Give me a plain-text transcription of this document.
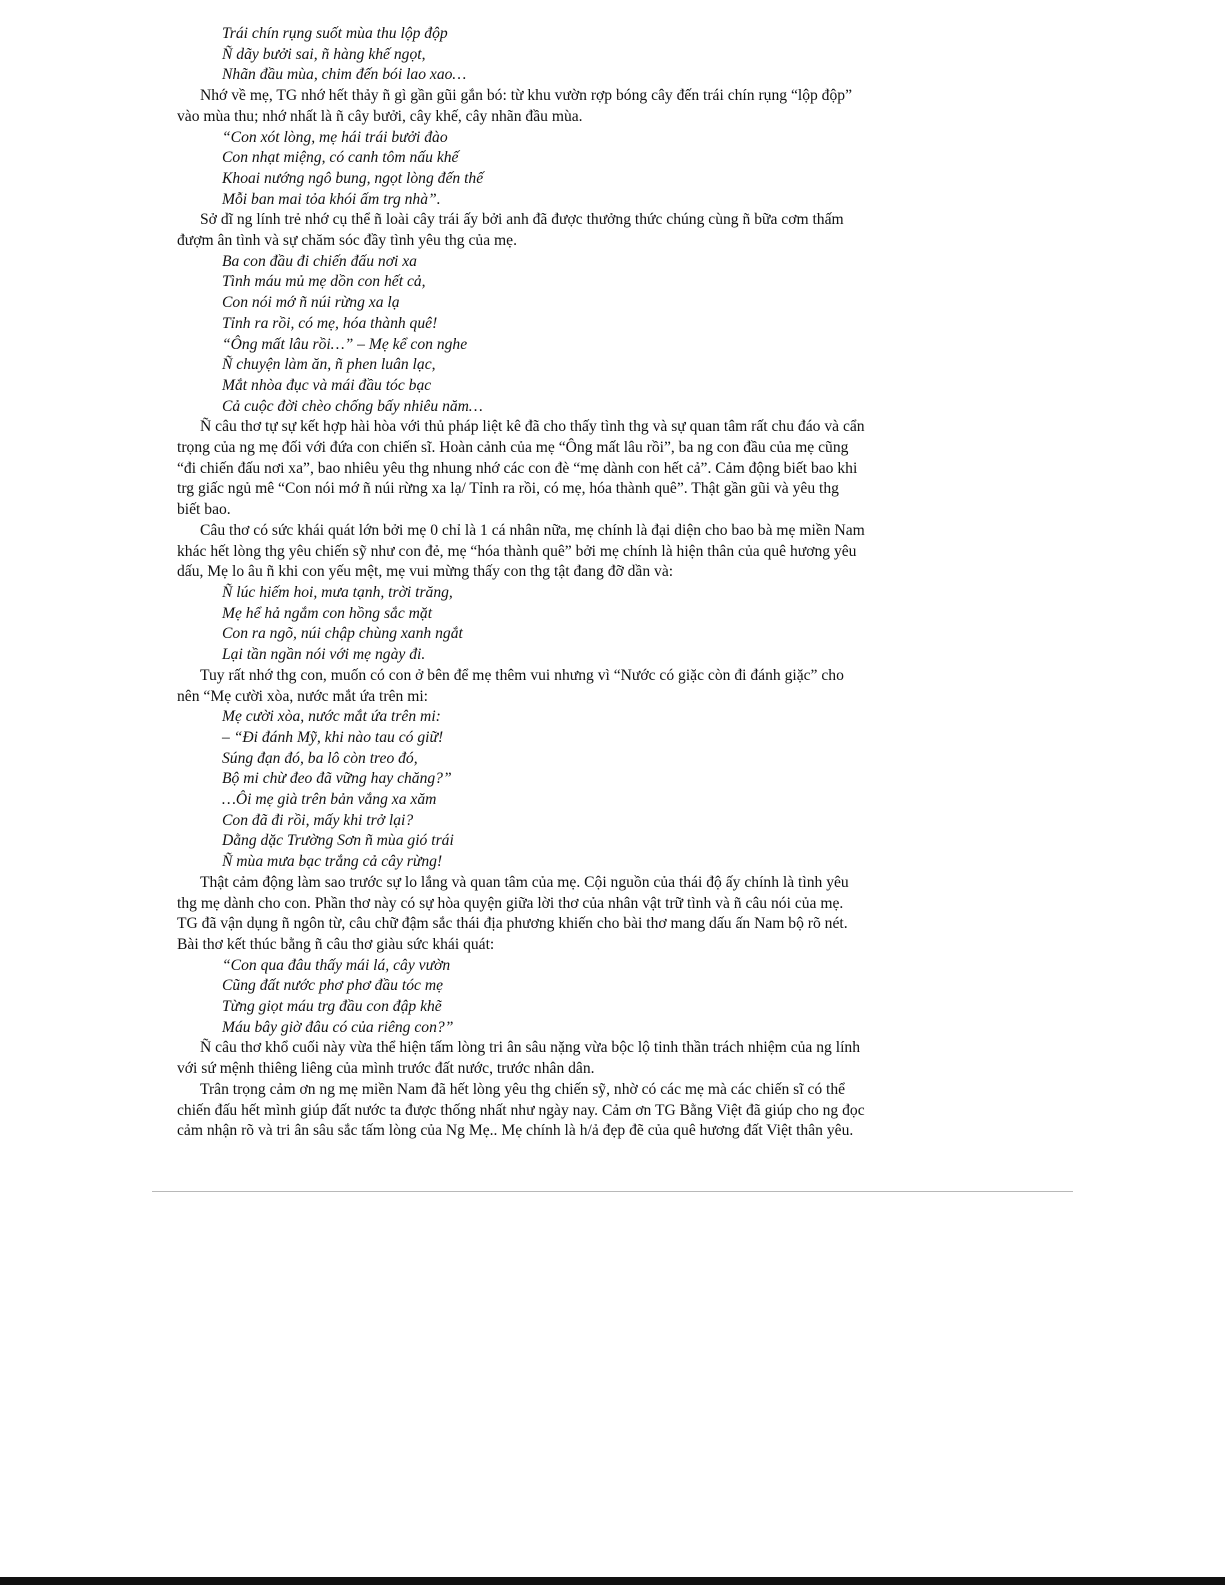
Trái chín rụng suốt mùa thu lộp độp
Ñ dãy bưởi sai, ñ hàng khế ngọt,
Nhãn đầu mùa, chim đến bói lao xao…
Nhớ về mẹ, TG nhớ hết thảy ñ gì gần gũi gắn bó: từ khu vườn rợp bóng cây đến trái chín rụng “lộp độp”
vào mùa thu; nhớ nhất là ñ cây bưởi, cây khế, cây nhãn đầu mùa.
“Con xót lòng, mẹ hái trái bưởi đào
Con nhạt miệng, có canh tôm nấu khế
Khoai nướng ngô bung, ngọt lòng đến thế
Mỗi ban mai tỏa khói ấm trg nhà”.
Sở dĩ ng lính trẻ nhớ cụ thể ñ loài cây trái ấy bởi anh đã được thưởng thức chúng cùng ñ bữa cơm thấm
đượm ân tình và sự chăm sóc đầy tình yêu thg của mẹ.
Ba con đầu đi chiến đấu nơi xa
Tình máu mủ mẹ dồn con hết cả,
Con nói mớ ñ núi rừng xa lạ
Tỉnh ra rồi, có mẹ, hóa thành quê!
“Ông mất lâu rồi…” – Mẹ kể con nghe
Ñ chuyện làm ăn, ñ phen luân lạc,
Mắt nhòa đục và mái đầu tóc bạc
Cả cuộc đời chèo chống bấy nhiêu năm…
Ñ câu thơ tự sự kết hợp hài hòa với thủ pháp liệt kê đã cho thấy tình thg và sự quan tâm rất chu đáo và cẩn
trọng của ng mẹ đối với đứa con chiến sĩ. Hoàn cảnh của mẹ “Ông mất lâu rồi”, ba ng con đầu của mẹ cũng
“đi chiến đấu nơi xa”, bao nhiêu yêu thg nhung nhớ các con đè “mẹ dành con hết cả”. Cảm động biết bao khi
trg giấc ngủ mê “Con nói mớ ñ núi rừng xa lạ/ Tỉnh ra rồi, có mẹ, hóa thành quê”. Thật gần gũi và yêu thg
biết bao.
Câu thơ có sức khái quát lớn bởi mẹ 0 chỉ là 1 cá nhân nữa, mẹ chính là đại diện cho bao bà mẹ miền Nam
khác hết lòng thg yêu chiến sỹ như con đẻ, mẹ “hóa thành quê” bởi mẹ chính là hiện thân của quê hương yêu
dấu, Mẹ lo âu ñ khi con yếu mệt, mẹ vui mừng thấy con thg tật đang đỡ dần và:
Ñ lúc hiếm hoi, mưa tạnh, trời trăng,
Mẹ hể hả ngắm con hồng sắc mặt
Con ra ngõ, núi chập chùng xanh ngắt
Lại tần ngần nói với mẹ ngày đi.
Tuy rất nhớ thg con, muốn có con ở bên để mẹ thêm vui nhưng vì “Nước có giặc còn đi đánh giặc” cho
nên “Mẹ cười xòa, nước mắt ứa trên mi:
Mẹ cười xòa, nước mắt ứa trên mi:
– “Đi đánh Mỹ, khi nào tau có giữ!
Súng đạn đó, ba lô còn treo đó,
Bộ mi chừ đeo đã vững hay chăng?”
…Ôi mẹ già trên bản vắng xa xăm
Con đã đi rồi, mấy khi trở lại?
Dằng dặc Trường Sơn ñ mùa gió trái
Ñ mùa mưa bạc trắng cả cây rừng!
Thật cảm động làm sao trước sự lo lắng và quan tâm của mẹ. Cội nguồn của thái độ ấy chính là tình yêu
thg mẹ dành cho con. Phần thơ này có sự hòa quyện giữa lời thơ của nhân vật trữ tình và ñ câu nói của mẹ.
TG đã vận dụng ñ ngôn từ, câu chữ đậm sắc thái địa phương khiến cho bài thơ mang dấu ấn Nam bộ rõ nét.
Bài thơ kết thúc bằng ñ câu thơ giàu sức khái quát:
“Con qua đâu thấy mái lá, cây vườn
Cũng đất nước phơ phơ đầu tóc mẹ
Từng giọt máu trg đầu con đập khẽ
Máu bây giờ đâu có của riêng con?”
Ñ câu thơ khổ cuối này vừa thể hiện tấm lòng tri ân sâu nặng vừa bộc lộ tinh thần trách nhiệm của ng lính
với sứ mệnh thiêng liêng của mình trước đất nước, trước nhân dân.
Trân trọng cảm ơn ng mẹ miền Nam đã hết lòng yêu thg chiến sỹ, nhờ có các mẹ mà các chiến sĩ có thể
chiến đấu hết mình giúp đất nước ta được thống nhất như ngày nay. Cảm ơn TG Bằng Việt đã giúp cho ng đọc
cảm nhận rõ và tri ân sâu sắc tấm lòng của Ng Mẹ.. Mẹ chính là h/ả đẹp đẽ của quê hương đất Việt thân yêu.
